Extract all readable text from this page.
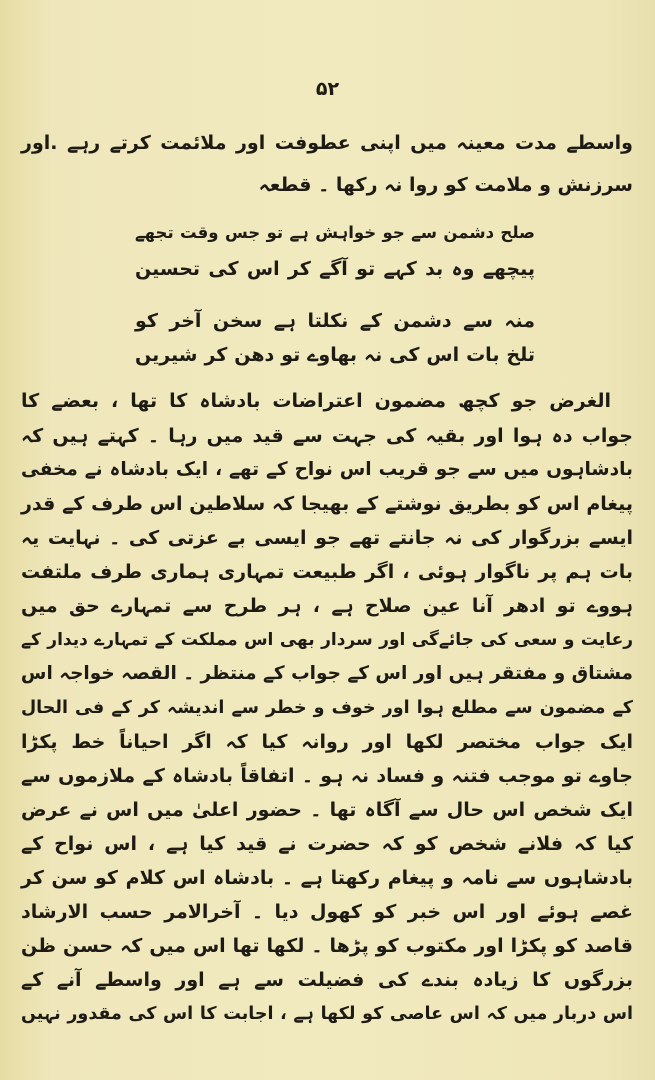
۵۲
واسطے مدت معینہ میں اپنی عطوفت اور ملائمت کرتے رہے .اور
سرزنش و ملامت کو روا نہ رکھا ۔ قطعہ
صلح دشمن سے جو خواہش ہے تو جس وقت تجھے
پیچھے وہ بد کہے تو آگے کر اس کی تحسین
منہ سے دشمن کے نکلتا ہے سخن آخر کو
تلخ بات اس کی نہ بھاوے تو دھن کر شیریں
الغرض جو کچھ مضمون اعتراضات بادشاہ کا تھا ، بعضے کا
جواب دہ ہوا اور بقیہ کی جہت سے قید میں رہا ۔ کہتے ہیں کہ
بادشاہوں میں سے جو قریب اس نواح کے تھے ، ایک بادشاہ نے مخفی
پیغام اس کو بطریق نوشتے کے بھیجا کہ سلاطین اس طرف کے قدر
ایسے بزرگوار کی نہ جانتے تھے جو ایسی بے عزتی کی ۔ نہایت یہ
بات ہم پر ناگوار ہوئی ، اگر طبیعت تمہاری ہماری طرف ملتفت
ہووے تو ادھر آنا عین صلاح ہے ، ہر طرح سے تمہارے حق میں
رعایت و سعی کی جائےگی اور سردار بھی اس مملکت کے تمہارے دیدار کے
مشتاق و مفتقر ہیں اور اس کے جواب کے منتظر ۔ القصہ خواجہ اس
کے مضمون سے مطلع ہوا اور خوف و خطر سے اندیشہ کر کے فی الحال
ایک جواب مختصر لکھا اور روانہ کیا کہ اگر احیاناً خط پکڑا
جاوے تو موجب فتنہ و فساد نہ ہو ۔ اتفاقاً بادشاہ کے ملازموں سے
ایک شخص اس حال سے آگاہ تھا ۔ حضور اعلیٰ میں اس نے عرض
کیا کہ فلانے شخص کو کہ حضرت نے قید کیا ہے ، اس نواح کے
بادشاہوں سے نامہ و پیغام رکھتا ہے ۔ بادشاہ اس کلام کو سن کر
غصے ہوئے اور اس خبر کو کھول دیا ۔ آخرالامر حسب الارشاد
قاصد کو پکڑا اور مکتوب کو پڑھا ۔ لکھا تھا اس میں کہ حسن ظن
بزرگوں کا زیادہ بندے کی فضیلت سے ہے اور واسطے آنے کے
اس دربار میں کہ اس عاصی کو لکھا ہے ، اجابت کا اس کی مقدور نہیں
